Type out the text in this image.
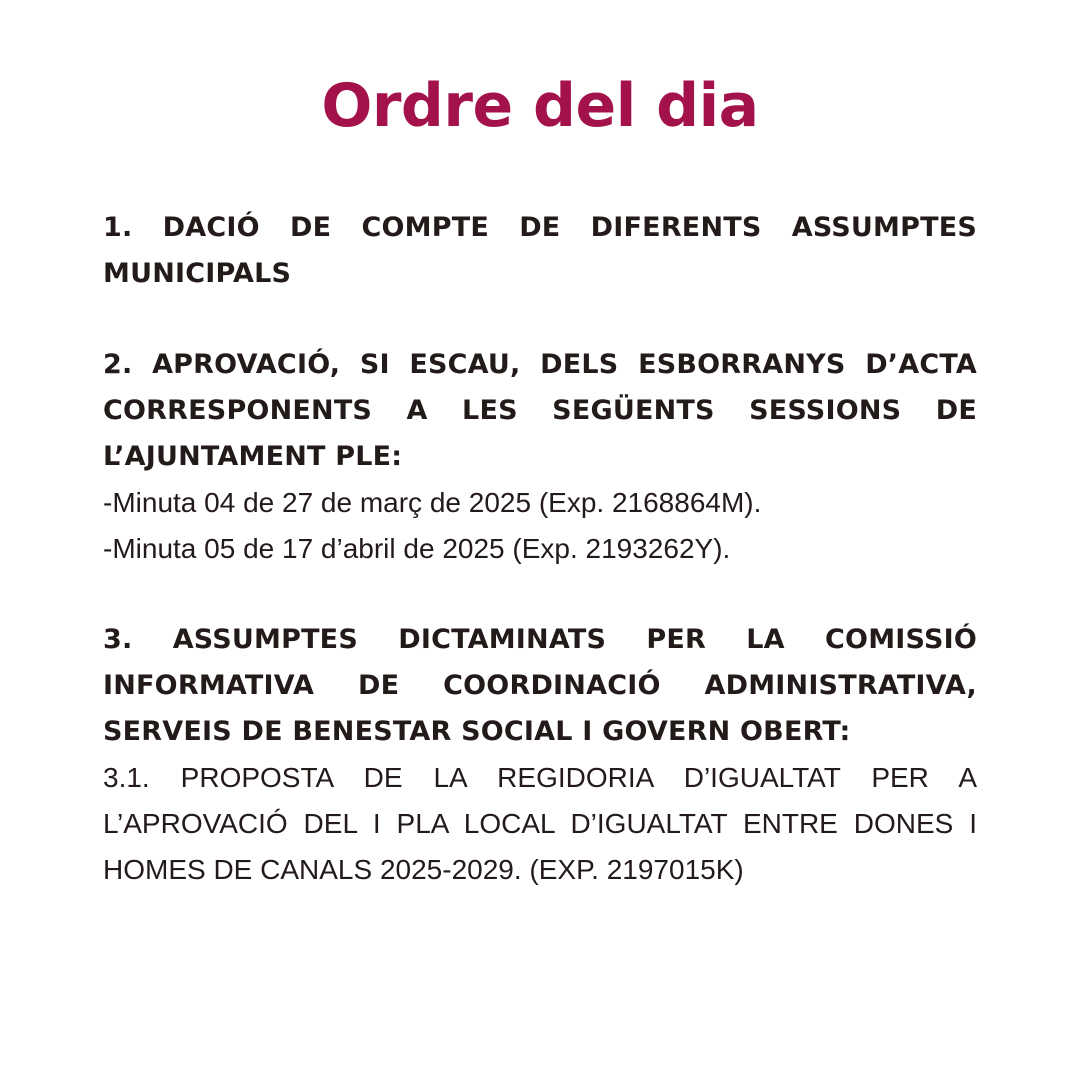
Ordre del dia

1. DACIÓ DE COMPTE DE DIFERENTS ASSUMPTES MUNICIPALS

2. APROVACIÓ, SI ESCAU, DELS ESBORRANYS D’ACTA CORRESPONENTS A LES SEGÜENTS SESSIONS DE L’AJUNTAMENT PLE:

-Minuta 04 de 27 de març de 2025 (Exp. 2168864M).

-Minuta 05 de 17 d’abril de 2025 (Exp. 2193262Y).

3. ASSUMPTES DICTAMINATS PER LA COMISSIÓ INFORMATIVA DE COORDINACIÓ ADMINISTRATIVA, SERVEIS DE BENESTAR SOCIAL I GOVERN OBERT:

3.1. PROPOSTA DE LA REGIDORIA D’IGUALTAT PER A L’APROVACIÓ DEL I PLA LOCAL D’IGUALTAT ENTRE DONES I HOMES DE CANALS 2025-2029. (EXP. 2197015K)
